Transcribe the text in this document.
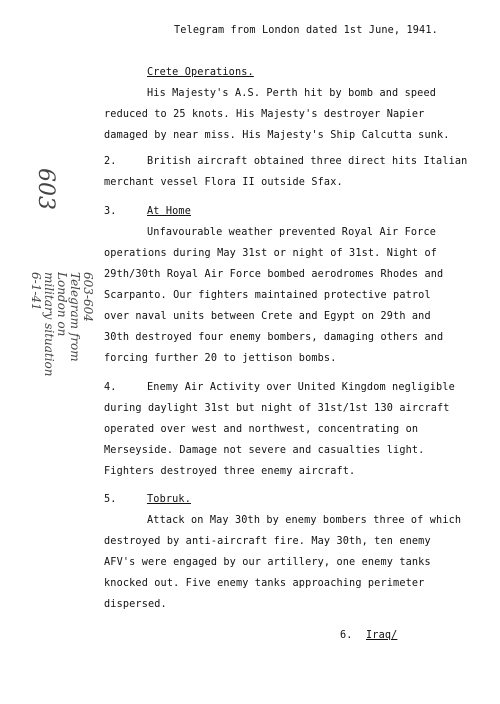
Telegram from London dated 1st June, 1941.
Crete Operations.
His Majesty's A.S. Perth hit by bomb and speed
reduced to 25 knots. His Majesty's destroyer Napier
damaged by near miss. His Majesty's Ship Calcutta sunk.
2.	British aircraft obtained three direct hits Italian
merchant vessel Flora II outside Sfax.
3.	At Home
Unfavourable weather prevented Royal Air Force
operations during May 31st or night of 31st. Night of
29th/30th Royal Air Force bombed aerodromes Rhodes and
Scarpanto. Our fighters maintained protective patrol
over naval units between Crete and Egypt on 29th and
30th destroyed four enemy bombers, damaging others and
forcing further 20 to jettison bombs.
4.	Enemy Air Activity over United Kingdom negligible
during daylight 31st but night of 31st/1st 130 aircraft
operated over west and northwest, concentrating on
Merseyside. Damage not severe and casualties light.
Fighters destroyed three enemy aircraft.
5.	Tobruk.
Attack on May 30th by enemy bombers three of which
destroyed by anti-aircraft fire. May 30th, ten enemy
AFV's were engaged by our artillery, one enemy tanks
knocked out. Five enemy tanks approaching perimeter
dispersed.
6. Iraq/
603
603-604
Telegram from
London on
military situation
6-1-41
